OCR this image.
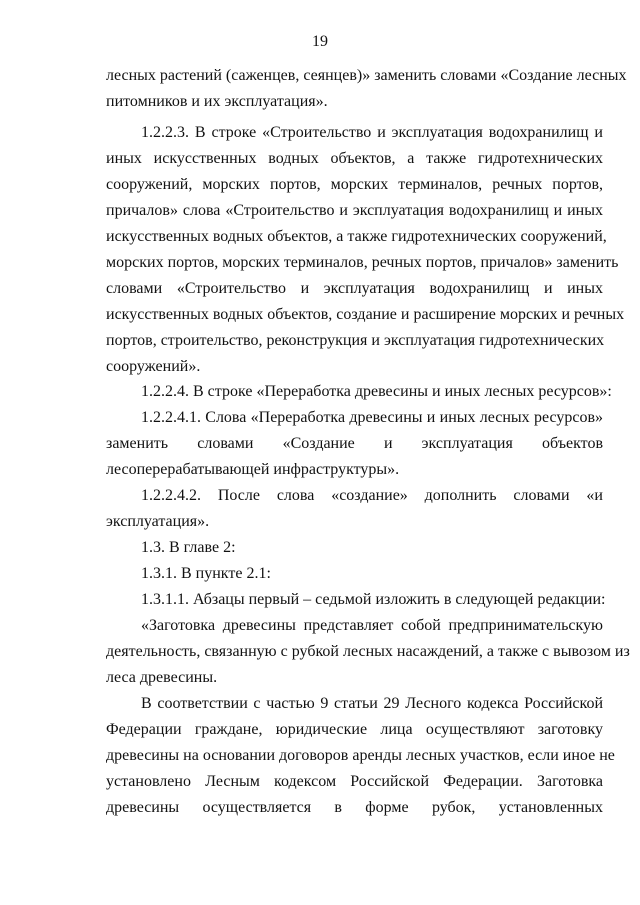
19
лесных растений (саженцев, сеянцев)» заменить словами «Создание лесных
питомников и их эксплуатация».
1.2.2.3. В строке «Строительство и эксплуатация водохранилищ и
иных искусственных водных объектов, а также гидротехнических
сооружений, морских портов, морских терминалов, речных портов,
причалов» слова «Строительство и эксплуатация водохранилищ и иных
искусственных водных объектов, а также гидротехнических сооружений,
морских портов, морских терминалов, речных портов, причалов» заменить
словами «Строительство и эксплуатация водохранилищ и иных
искусственных водных объектов, создание и расширение морских и речных
портов, строительство, реконструкция и эксплуатация гидротехнических
сооружений».
1.2.2.4. В строке «Переработка древесины и иных лесных ресурсов»:
1.2.2.4.1. Слова «Переработка древесины и иных лесных ресурсов»
заменить словами «Создание и эксплуатация объектов
лесоперерабатывающей инфраструктуры».
1.2.2.4.2. После слова «создание» дополнить словами «и
эксплуатация».
1.3. В главе 2:
1.3.1. В пункте 2.1:
1.3.1.1. Абзацы первый – седьмой изложить в следующей редакции:
«Заготовка древесины представляет собой предпринимательскую
деятельность, связанную с рубкой лесных насаждений, а также с вывозом из
леса древесины.
В соответствии с частью 9 статьи 29 Лесного кодекса Российской
Федерации граждане, юридические лица осуществляют заготовку
древесины на основании договоров аренды лесных участков, если иное не
установлено Лесным кодексом Российской Федерации. Заготовка
древесины осуществляется в форме рубок, установленных
